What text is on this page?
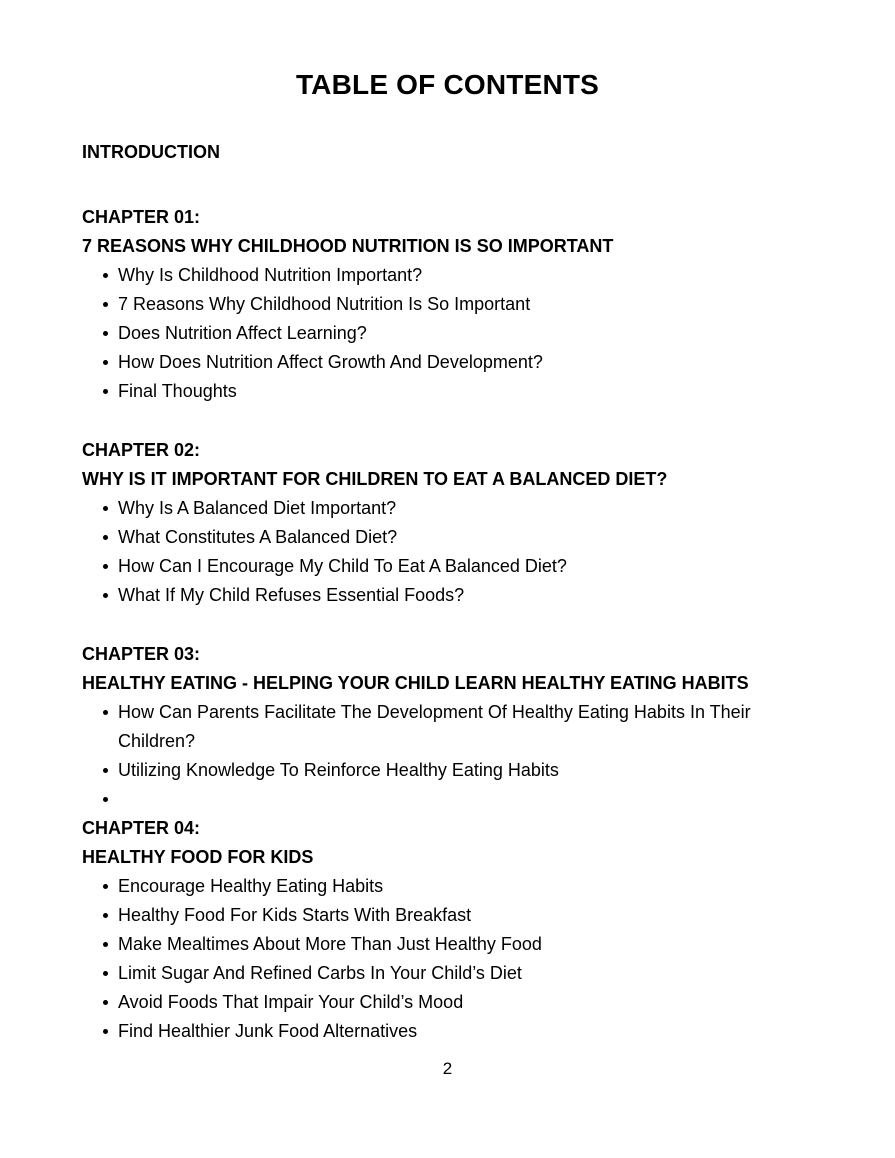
TABLE OF CONTENTS
INTRODUCTION
CHAPTER 01:
7 REASONS WHY CHILDHOOD NUTRITION IS SO IMPORTANT
Why Is Childhood Nutrition Important?
7 Reasons Why Childhood Nutrition Is So Important
Does Nutrition Affect Learning?
How Does Nutrition Affect Growth And Development?
Final Thoughts
CHAPTER 02:
WHY IS IT IMPORTANT FOR CHILDREN TO EAT A BALANCED DIET?
Why Is A Balanced Diet Important?
What Constitutes A Balanced Diet?
How Can I Encourage My Child To Eat A Balanced Diet?
What If My Child Refuses Essential Foods?
CHAPTER 03:
HEALTHY EATING - HELPING YOUR CHILD LEARN HEALTHY EATING HABITS
How Can Parents Facilitate The Development Of Healthy Eating Habits In Their Children?
Utilizing Knowledge To Reinforce Healthy Eating Habits
CHAPTER 04:
HEALTHY FOOD FOR KIDS
Encourage Healthy Eating Habits
Healthy Food For Kids Starts With Breakfast
Make Mealtimes About More Than Just Healthy Food
Limit Sugar And Refined Carbs In Your Child’s Diet
Avoid Foods That Impair Your Child’s Mood
Find Healthier Junk Food Alternatives
2
